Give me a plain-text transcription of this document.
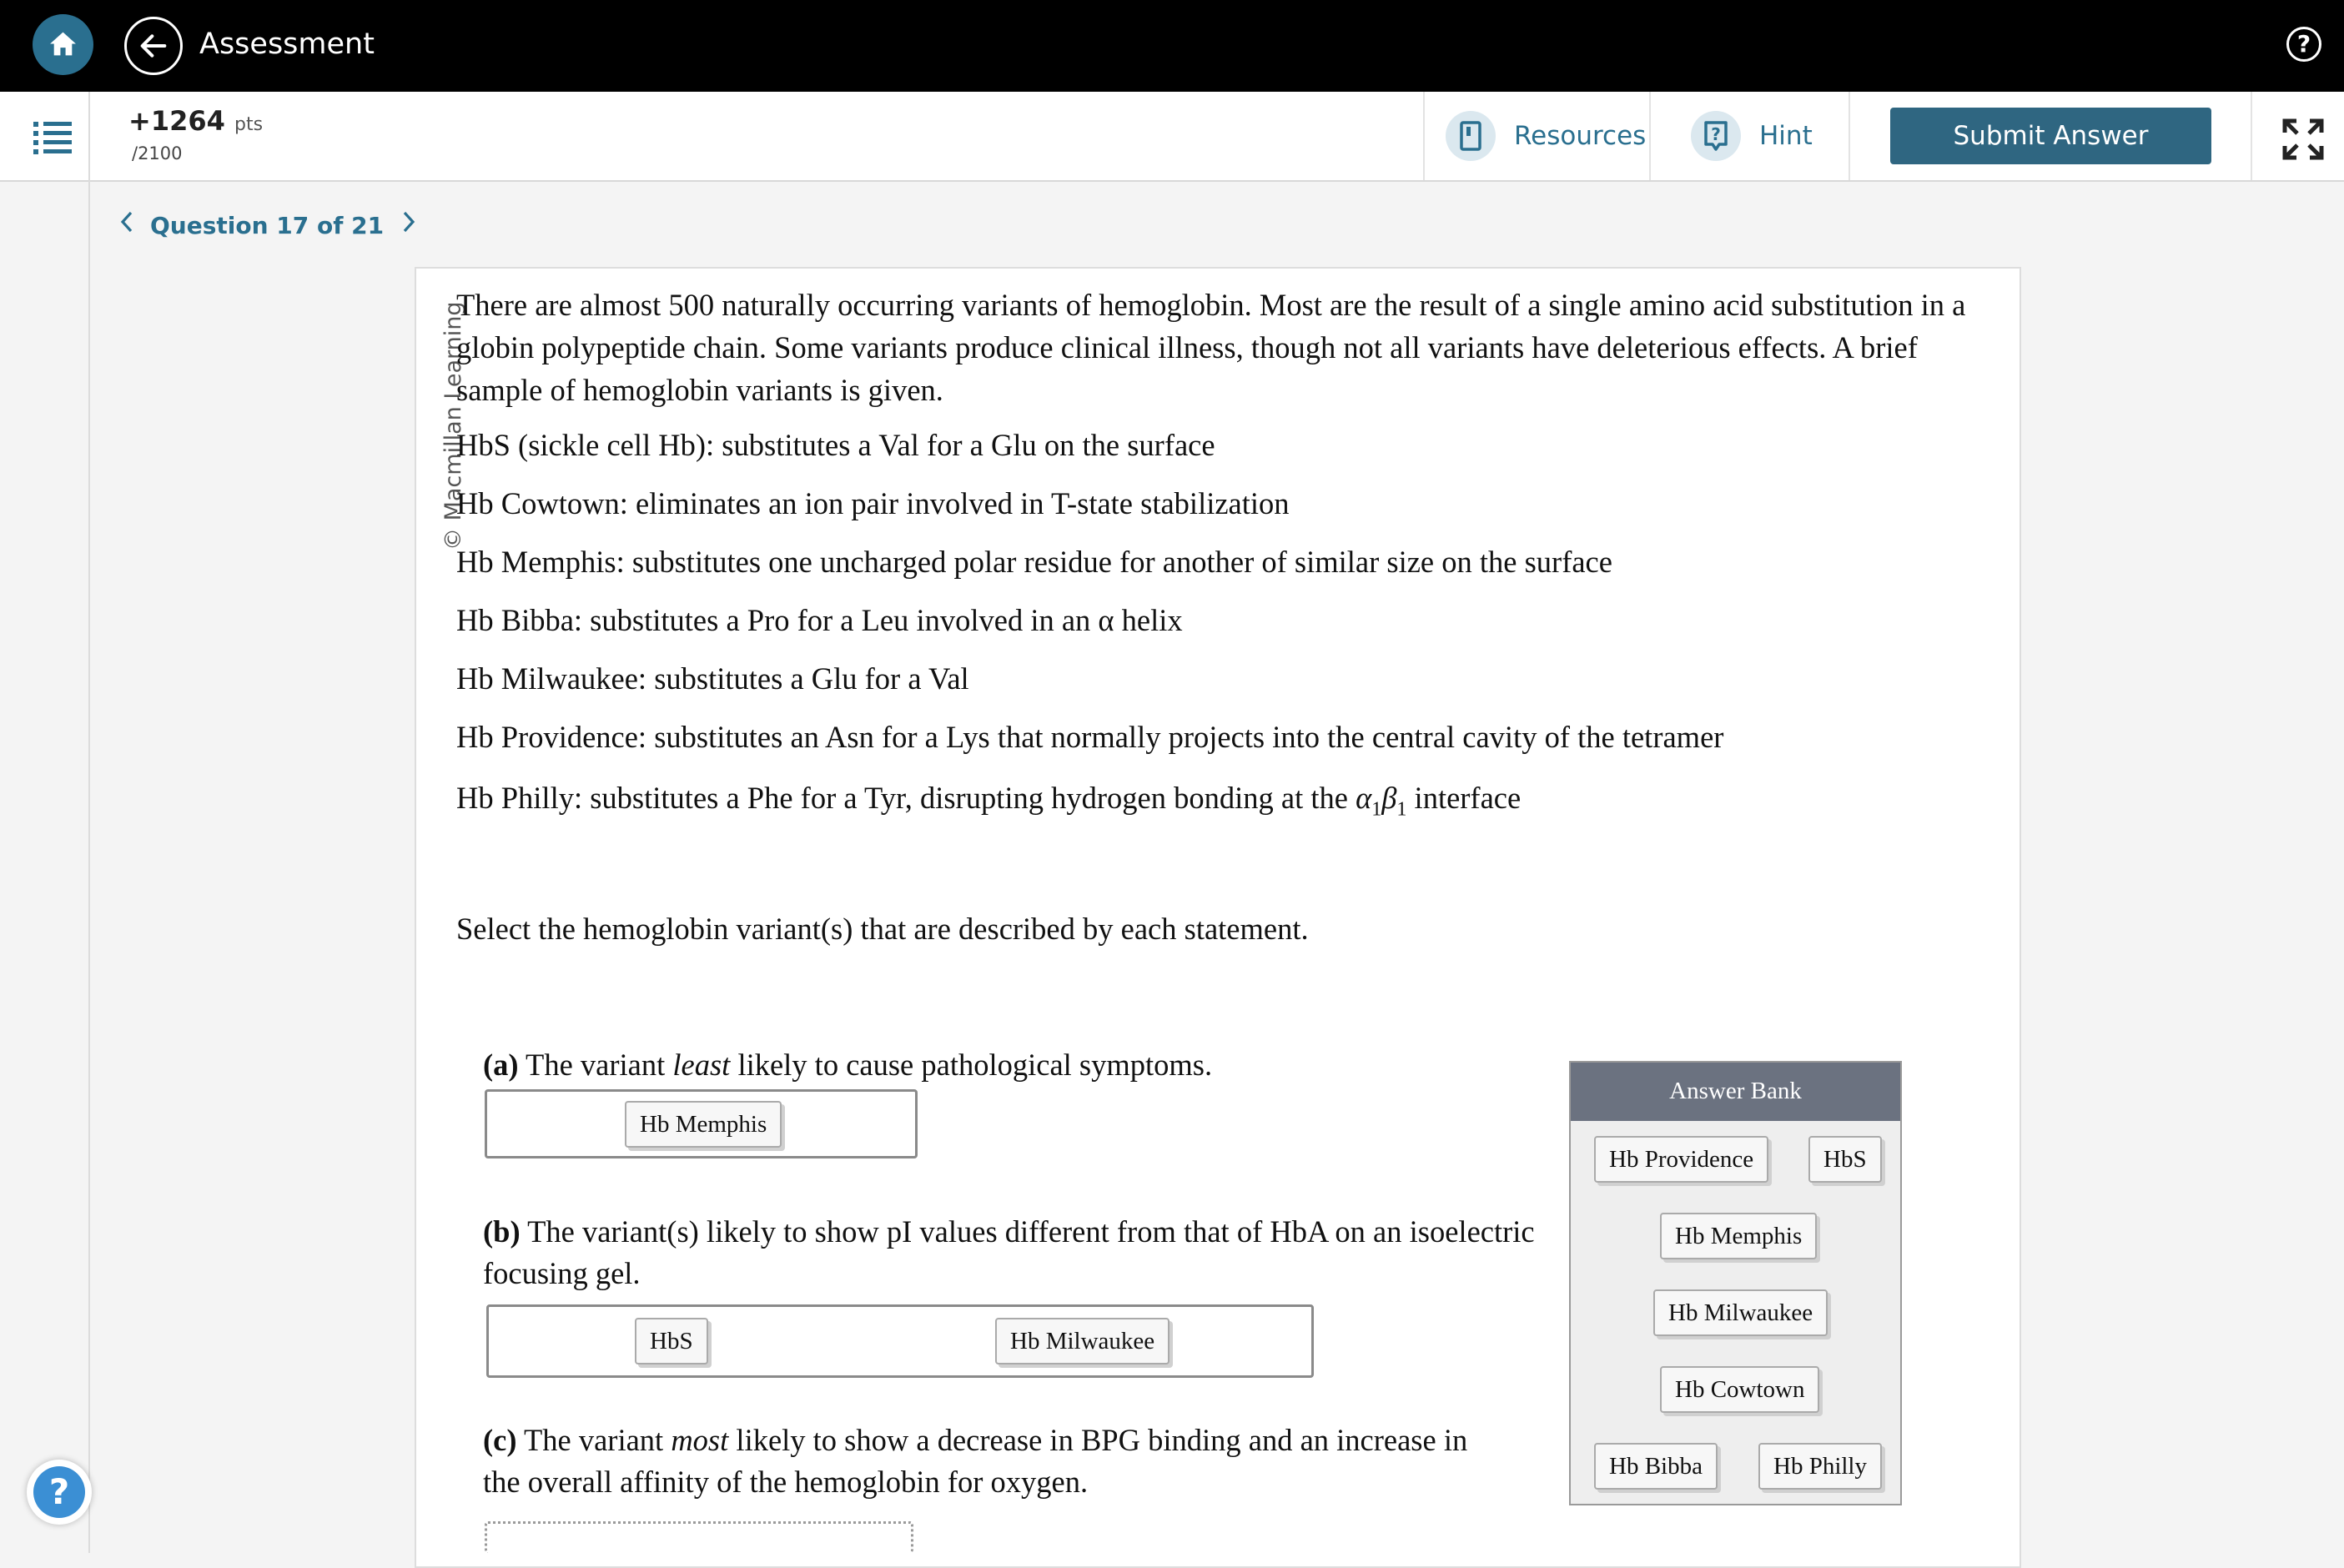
Assessment	?
+1264 pts
/2100
Resources	? Hint	Submit Answer
Question 17 of 21
© Macmillan Learning
There are almost 500 naturally occurring variants of hemoglobin. Most are the result of a single amino acid substitution in a globin polypeptide chain. Some variants produce clinical illness, though not all variants have deleterious effects. A brief sample of hemoglobin variants is given.
HbS (sickle cell Hb): substitutes a Val for a Glu on the surface
Hb Cowtown: eliminates an ion pair involved in T-state stabilization
Hb Memphis: substitutes one uncharged polar residue for another of similar size on the surface
Hb Bibba: substitutes a Pro for a Leu involved in an α helix
Hb Milwaukee: substitutes a Glu for a Val
Hb Providence: substitutes an Asn for a Lys that normally projects into the central cavity of the tetramer
Hb Philly: substitutes a Phe for a Tyr, disrupting hydrogen bonding at the $\alpha_1\beta_1$ interface
Select the hemoglobin variant(s) that are described by each statement.
(a) The variant least likely to cause pathological symptoms.
Hb Memphis
(b) The variant(s) likely to show pI values different from that of HbA on an isoelectric
focusing gel.
HbS	Hb Milwaukee
(c) The variant most likely to show a decrease in BPG binding and an increase in
the overall affinity of the hemoglobin for oxygen.
Answer Bank
Hb Providence	HbS
Hb Memphis
Hb Milwaukee
Hb Cowtown
Hb Bibba	Hb Philly
?
